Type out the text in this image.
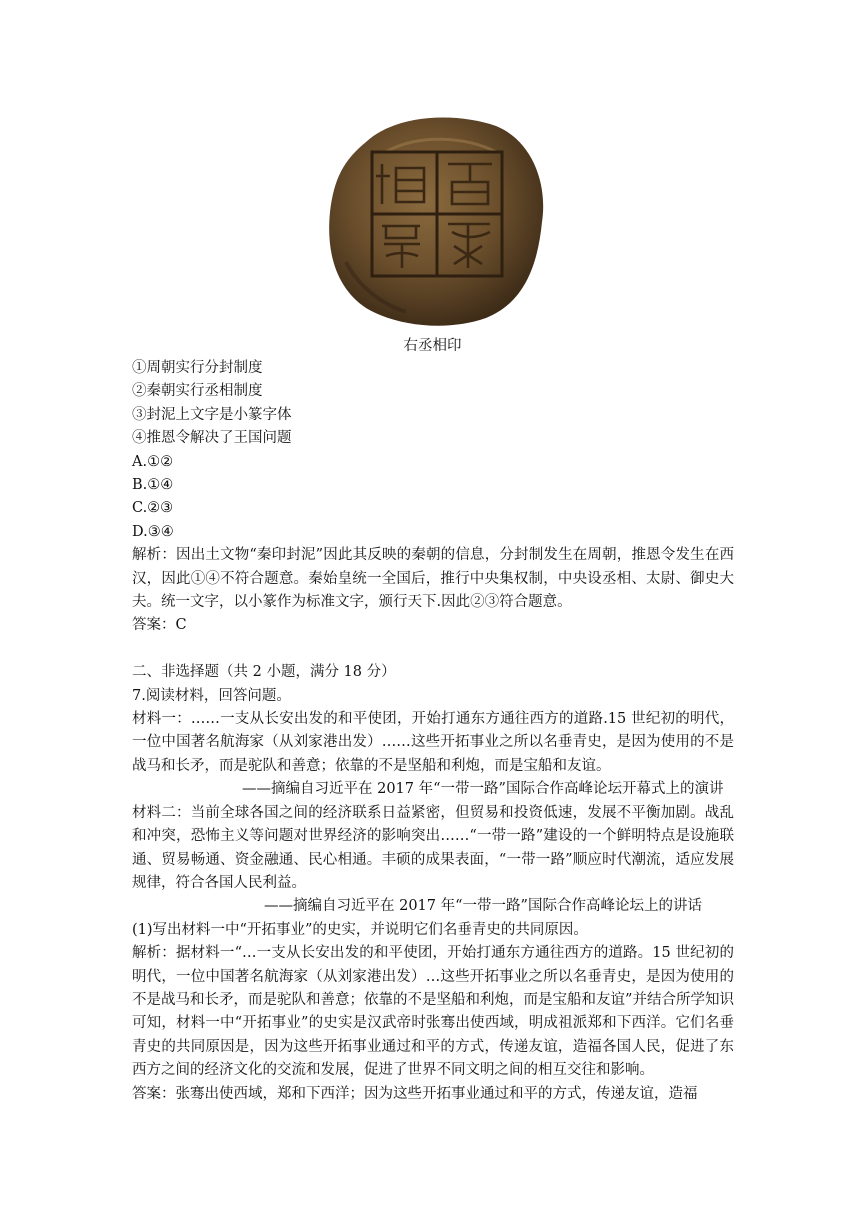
右丞相印

①周朝实行分封制度

②秦朝实行丞相制度

③封泥上文字是小篆字体

④推恩令解决了王国问题

A.①②

B.①④

C.②③

D.③④

解析：因出土文物“秦印封泥”因此其反映的秦朝的信息，分封制发生在周朝，推恩令发生在西汉，因此①④不符合题意。秦始皇统一全国后，推行中央集权制，中央设丞相、太尉、御史大夫。统一文字，以小篆作为标准文字，颁行天下.因此②③符合题意。

答案：C

二、非选择题（共 2 小题，满分 18 分）

7.阅读材料，回答问题。

材料一：……一支从长安出发的和平使团，开始打通东方通往西方的道路.15 世纪初的明代，一位中国著名航海家（从刘家港出发）……这些开拓事业之所以名垂青史，是因为使用的不是战马和长矛，而是驼队和善意；依靠的不是坚船和利炮，而是宝船和友谊。

——摘编自习近平在 2017 年“一带一路”国际合作高峰论坛开幕式上的演讲

材料二：当前全球各国之间的经济联系日益紧密，但贸易和投资低速，发展不平衡加剧。战乱和冲突，恐怖主义等问题对世界经济的影响突出……“一带一路”建设的一个鲜明特点是设施联通、贸易畅通、资金融通、民心相通。丰硕的成果表面，“一带一路”顺应时代潮流，适应发展规律，符合各国人民利益。

——摘编自习近平在 2017 年“一带一路”国际合作高峰论坛上的讲话

(1)写出材料一中“开拓事业”的史实，并说明它们名垂青史的共同原因。

解析：据材料一“…一支从长安出发的和平使团，开始打通东方通往西方的道路。15 世纪初的明代，一位中国著名航海家（从刘家港出发）…这些开拓事业之所以名垂青史，是因为使用的不是战马和长矛，而是驼队和善意；依靠的不是坚船和利炮，而是宝船和友谊”并结合所学知识可知，材料一中“开拓事业”的史实是汉武帝时张骞出使西域，明成祖派郑和下西洋。它们名垂青史的共同原因是，因为这些开拓事业通过和平的方式，传递友谊，造福各国人民，促进了东西方之间的经济文化的交流和发展，促进了世界不同文明之间的相互交往和影响。

答案：张骞出使西域，郑和下西洋；因为这些开拓事业通过和平的方式，传递友谊，造福
